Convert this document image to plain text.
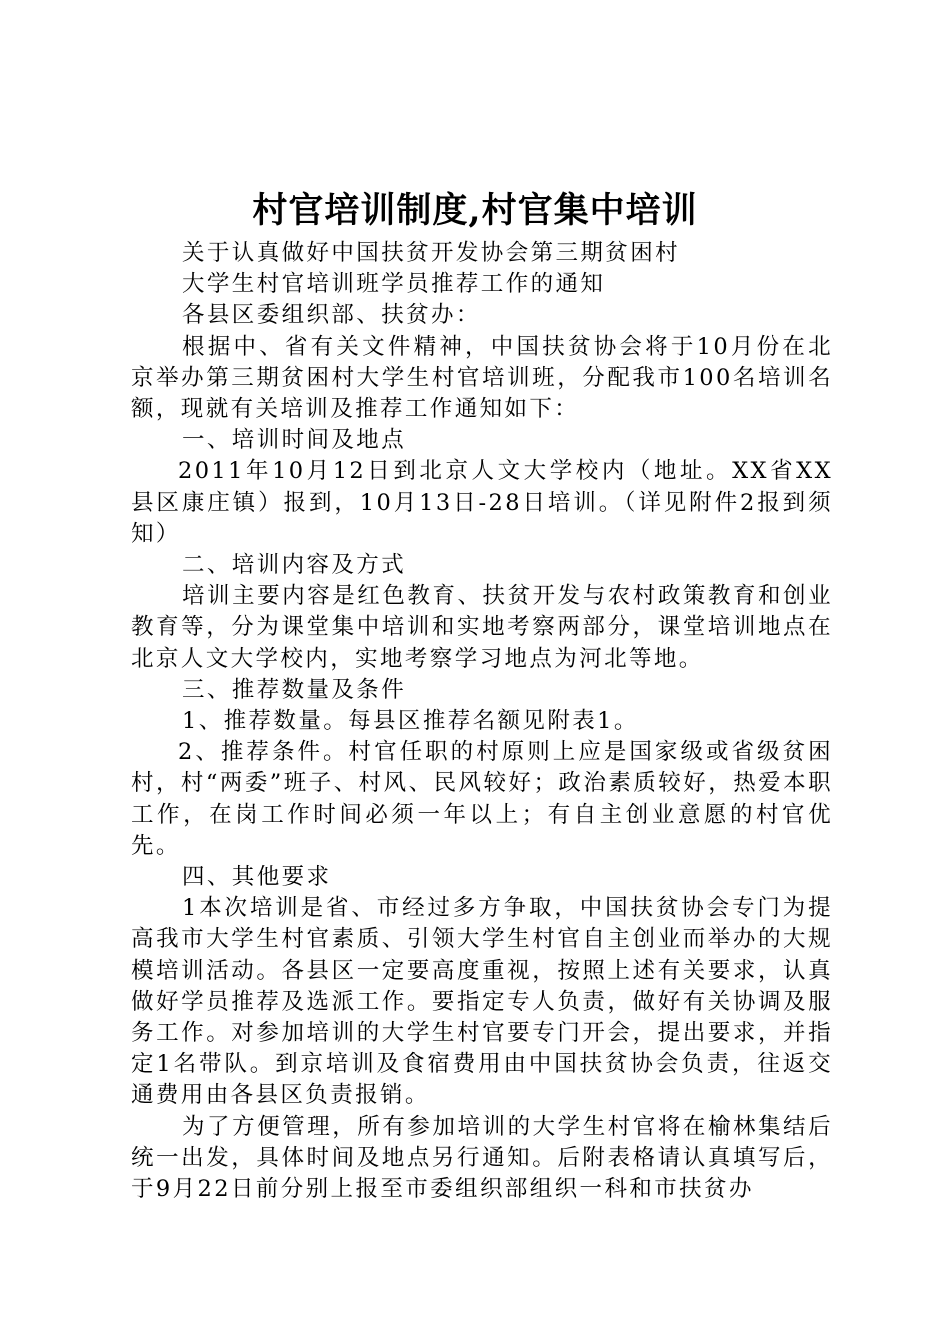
村官培训制度,村官集中培训

关于认真做好中国扶贫开发协会第三期贫困村

大学生村官培训班学员推荐工作的通知

各县区委组织部、扶贫办：

根据中、省有关文件精神，中国扶贫协会将于10月份在北京举办第三期贫困村大学生村官培训班，分配我市100名培训名额，现就有关培训及推荐工作通知如下：

一、培训时间及地点

2011年10月12日到北京人文大学校内（地址。XX省XX县区康庄镇）报到，10月13日-28日培训。（详见附件2报到须知）

二、培训内容及方式

培训主要内容是红色教育、扶贫开发与农村政策教育和创业教育等，分为课堂集中培训和实地考察两部分，课堂培训地点在北京人文大学校内，实地考察学习地点为河北等地。

三、推荐数量及条件

1、推荐数量。每县区推荐名额见附表1。

2、推荐条件。村官任职的村原则上应是国家级或省级贫困村，村“两委”班子、村风、民风较好；政治素质较好，热爱本职工作，在岗工作时间必须一年以上；有自主创业意愿的村官优先。

四、其他要求

1本次培训是省、市经过多方争取，中国扶贫协会专门为提高我市大学生村官素质、引领大学生村官自主创业而举办的大规模培训活动。各县区一定要高度重视，按照上述有关要求，认真做好学员推荐及选派工作。要指定专人负责，做好有关协调及服务工作。对参加培训的大学生村官要专门开会，提出要求，并指定1名带队。到京培训及食宿费用由中国扶贫协会负责，往返交通费用由各县区负责报销。

为了方便管理，所有参加培训的大学生村官将在榆林集结后统一出发，具体时间及地点另行通知。后附表格请认真填写后，于9月22日前分别上报至市委组织部组织一科和市扶贫办
